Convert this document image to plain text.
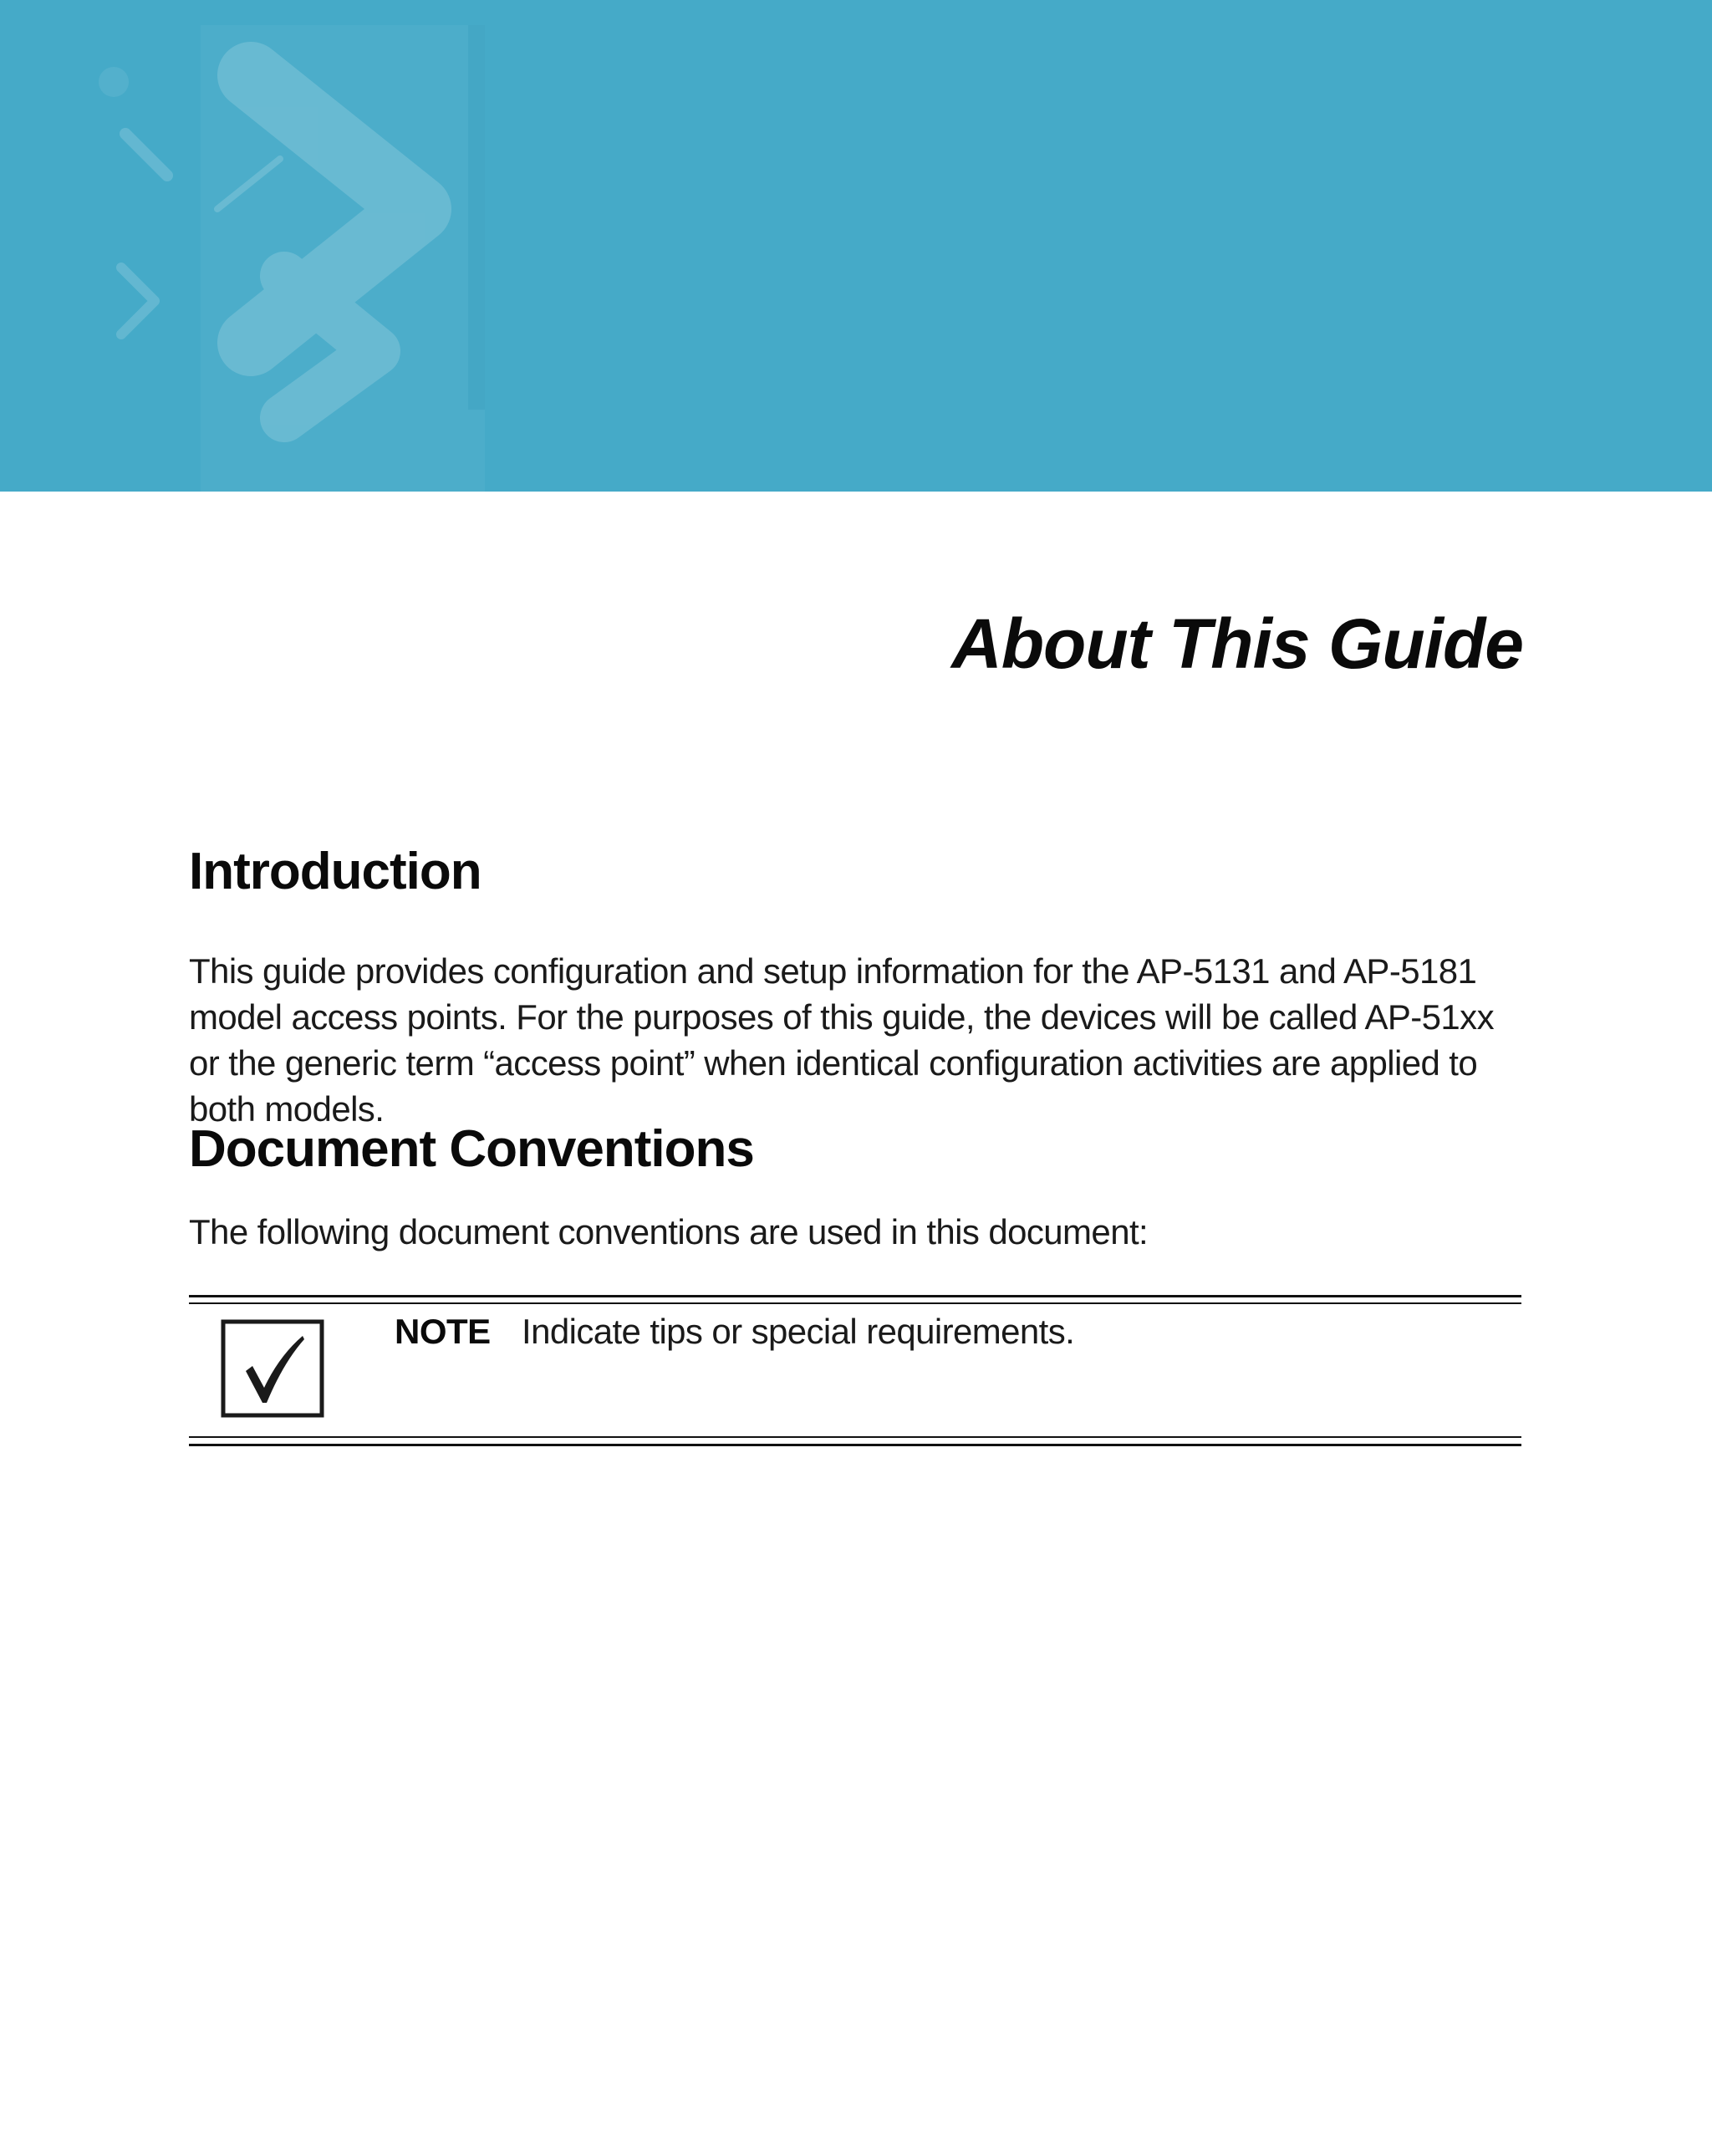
About This Guide
Introduction

This guide provides configuration and setup information for the AP-5131 and AP-5181 model access points. For the purposes of this guide, the devices will be called AP-51xx or the generic term “access point” when identical configuration activities are applied to both models.

Document Conventions

The following document conventions are used in this document:

NOTE Indicate tips or special requirements.
